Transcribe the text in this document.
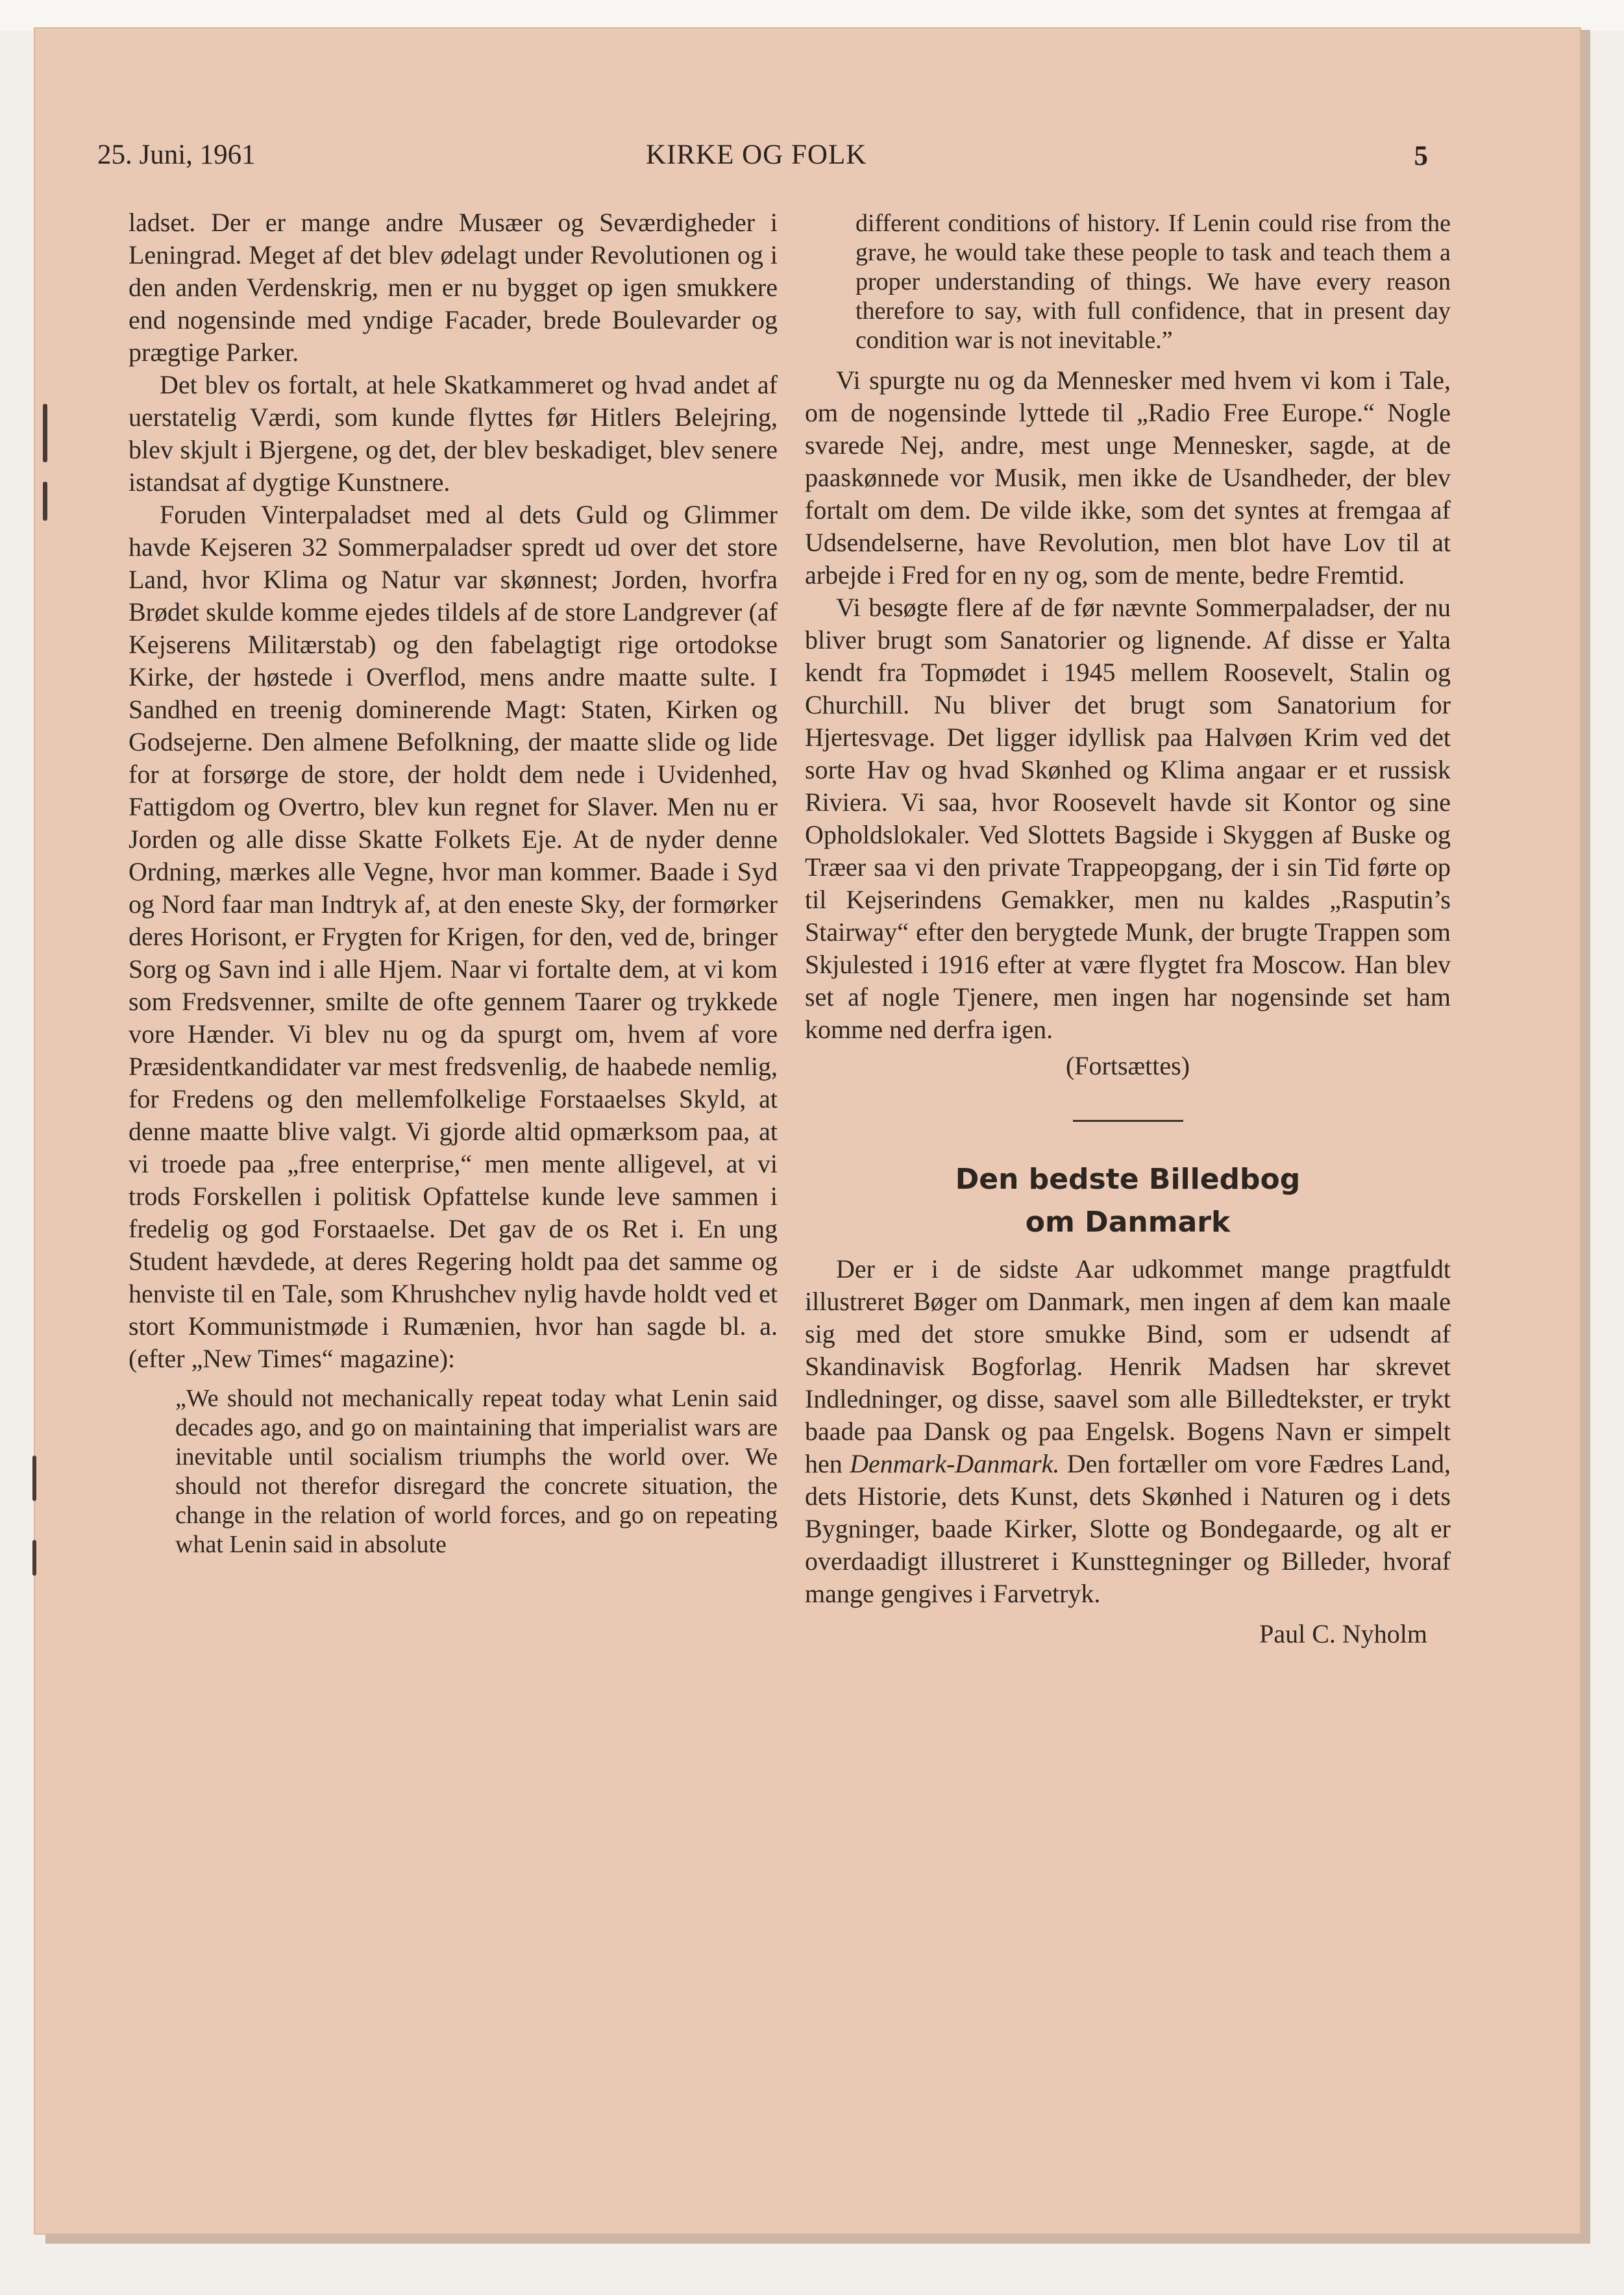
25. Juni, 1961	KIRKE OG FOLK	5

ladset. Der er mange andre Musæer og Seværdigheder i Leningrad. Meget af det blev ødelagt under Revolutionen og i den anden Verdenskrig, men er nu bygget op igen smukkere end nogensinde med yndige Facader, brede Boulevarder og prægtige Parker.

Det blev os fortalt, at hele Skatkammeret og hvad andet af uerstatelig Værdi, som kunde flyttes før Hitlers Belejring, blev skjult i Bjergene, og det, der blev beskadiget, blev senere istandsat af dygtige Kunstnere.

Foruden Vinterpaladset med al dets Guld og Glimmer havde Kejseren 32 Sommerpaladser spredt ud over det store Land, hvor Klima og Natur var skønnest; Jorden, hvorfra Brødet skulde komme ejedes tildels af de store Landgrever (af Kejserens Militærstab) og den fabelagtigt rige ortodokse Kirke, der høstede i Overflod, mens andre maatte sulte. I Sandhed en treenig dominerende Magt: Staten, Kirken og Godsejerne. Den almene Befolkning, der maatte slide og lide for at forsørge de store, der holdt dem nede i Uvidenhed, Fattigdom og Overtro, blev kun regnet for Slaver. Men nu er Jorden og alle disse Skatte Folkets Eje. At de nyder denne Ordning, mærkes alle Vegne, hvor man kommer. Baade i Syd og Nord faar man Indtryk af, at den eneste Sky, der formørker deres Horisont, er Frygten for Krigen, for den, ved de, bringer Sorg og Savn ind i alle Hjem. Naar vi fortalte dem, at vi kom som Fredsvenner, smilte de ofte gennem Taarer og trykkede vore Hænder. Vi blev nu og da spurgt om, hvem af vore Præsidentkandidater var mest fredsvenlig, de haabede nemlig, for Fredens og den mellemfolkelige Forstaaelses Skyld, at denne maatte blive valgt. Vi gjorde altid opmærksom paa, at vi troede paa „free enterprise,“ men mente alligevel, at vi trods Forskellen i politisk Opfattelse kunde leve sammen i fredelig og god Forstaaelse. Det gav de os Ret i. En ung Student hævdede, at deres Regering holdt paa det samme og henviste til en Tale, som Khrushchev nylig havde holdt ved et stort Kommunistmøde i Rumænien, hvor han sagde bl. a. (efter „New Times“ magazine):

„We should not mechanically repeat today what Lenin said decades ago, and go on maintaining that imperialist wars are inevitable until socialism triumphs the world over. We should not therefor disregard the concrete situation, the change in the relation of world forces, and go on repeating what Lenin said in absolute

different conditions of history. If Lenin could rise from the grave, he would take these people to task and teach them a proper understanding of things. We have every reason therefore to say, with full confidence, that in present day condition war is not inevitable.”

Vi spurgte nu og da Mennesker med hvem vi kom i Tale, om de nogensinde lyttede til „Radio Free Europe.“ Nogle svarede Nej, andre, mest unge Mennesker, sagde, at de paaskønnede vor Musik, men ikke de Usandheder, der blev fortalt om dem. De vilde ikke, som det syntes at fremgaa af Udsendelserne, have Revolution, men blot have Lov til at arbejde i Fred for en ny og, som de mente, bedre Fremtid.

Vi besøgte flere af de før nævnte Sommerpaladser, der nu bliver brugt som Sanatorier og lignende. Af disse er Yalta kendt fra Topmødet i 1945 mellem Roosevelt, Stalin og Churchill. Nu bliver det brugt som Sanatorium for Hjertesvage. Det ligger idyllisk paa Halvøen Krim ved det sorte Hav og hvad Skønhed og Klima angaar er et russisk Riviera. Vi saa, hvor Roosevelt havde sit Kontor og sine Opholdslokaler. Ved Slottets Bagside i Skyggen af Buske og Træer saa vi den private Trappeopgang, der i sin Tid førte op til Kejserindens Gemakker, men nu kaldes „Rasputin’s Stairway“ efter den berygtede Munk, der brugte Trappen som Skjulested i 1916 efter at være flygtet fra Moscow. Han blev set af nogle Tjenere, men ingen har nogensinde set ham komme ned derfra igen.

(Fortsættes)

Den bedste Billedbog
om Danmark

Der er i de sidste Aar udkommet mange pragtfuldt illustreret Bøger om Danmark, men ingen af dem kan maale sig med det store smukke Bind, som er udsendt af Skandinavisk Bogforlag. Henrik Madsen har skrevet Indledninger, og disse, saavel som alle Billedtekster, er trykt baade paa Dansk og paa Engelsk. Bogens Navn er simpelt hen Denmark-Danmark. Den fortæller om vore Fædres Land, dets Historie, dets Kunst, dets Skønhed i Naturen og i dets Bygninger, baade Kirker, Slotte og Bondegaarde, og alt er overdaadigt illustreret i Kunsttegninger og Billeder, hvoraf mange gengives i Farvetryk.

Paul C. Nyholm
